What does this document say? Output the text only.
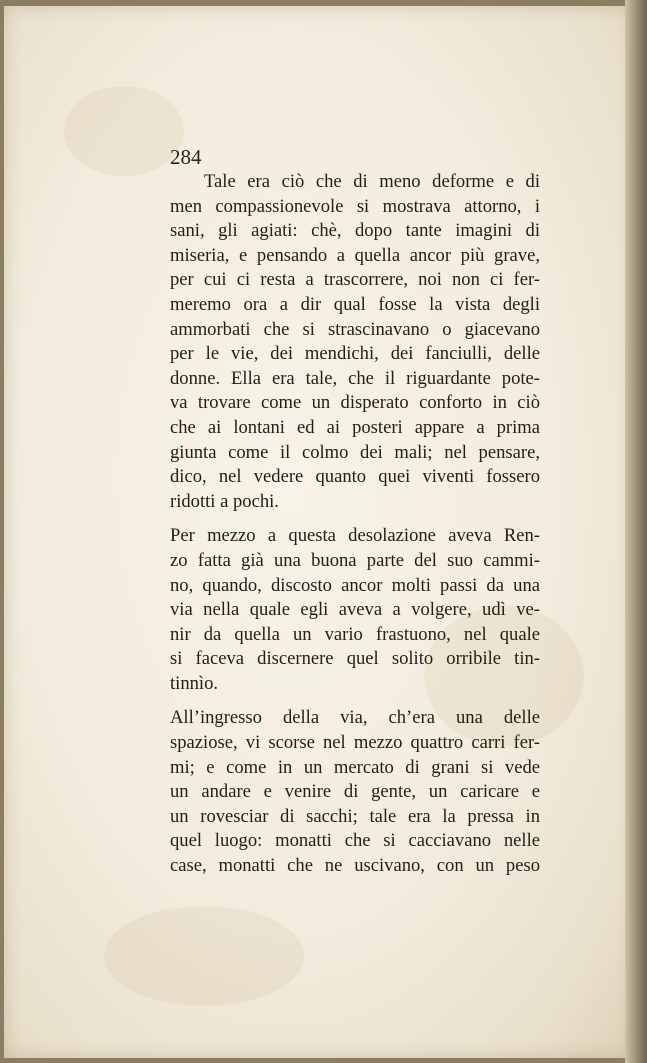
284

Tale era ciò che di meno deforme e di
men compassionevole si mostrava attorno, i
sani, gli agiati: chè, dopo tante imagini di
miseria, e pensando a quella ancor più grave,
per cui ci resta a trascorrere, noi non ci fer-
meremo ora a dir qual fosse la vista degli
ammorbati che si strascinavano o giacevano
per le vie, dei mendichi, dei fanciulli, delle
donne. Ella era tale, che il riguardante pote-
va trovare come un disperato conforto in ciò
che ai lontani ed ai posteri appare a prima
giunta come il colmo dei mali; nel pensare,
dico, nel vedere quanto quei viventi fossero
ridotti a pochi.

Per mezzo a questa desolazione aveva Ren-
zo fatta già una buona parte del suo cammi-
no, quando, discosto ancor molti passi da una
via nella quale egli aveva a volgere, udì ve-
nir da quella un vario frastuono, nel quale
si faceva discernere quel solito orribile tin-
tinnìo.

All’ingresso della via, ch’era una delle
spaziose, vi scorse nel mezzo quattro carri fer-
mi; e come in un mercato di grani si vede
un andare e venire di gente, un caricare e
un rovesciar di sacchi; tale era la pressa in
quel luogo: monatti che si cacciavano nelle
case, monatti che ne uscivano, con un peso
